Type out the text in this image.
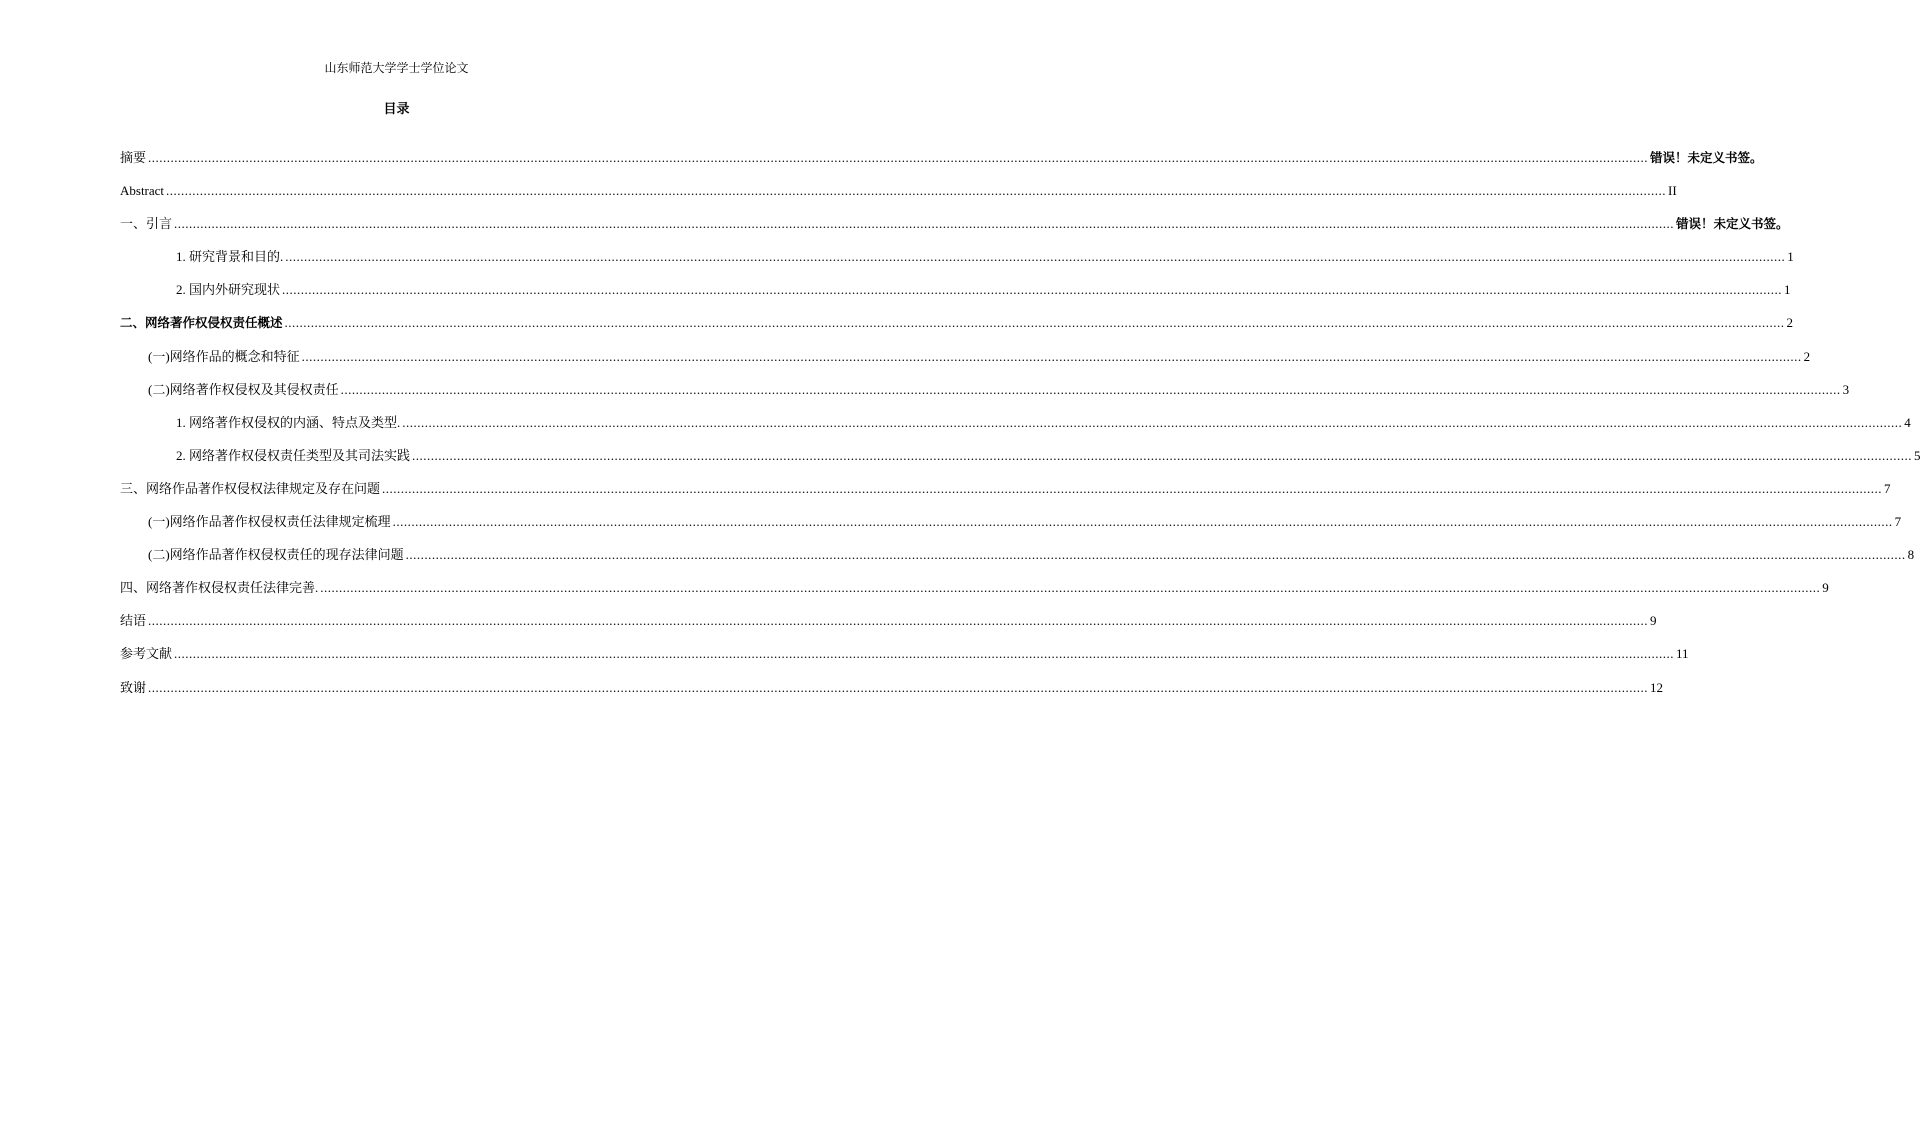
山东师范大学学士学位论文
目录
摘要 ................................................................................................................................................................................................................................................................................................................................................................................................................ 错误！未定义书签。
Abstract ................................................................................................................................................................................................................................................................................................................................................................................................................ II
一、引言 ................................................................................................................................................................................................................................................................................................................................................................................................................ 错误！未定义书签。
1. 研究背景和目的. ................................................................................................................................................................................................................................................................................................................................................................................................................ 1
2. 国内外研究现状 ................................................................................................................................................................................................................................................................................................................................................................................................................ 1
二、网络著作权侵权责任概述 ................................................................................................................................................................................................................................................................................................................................................................................................................ 2
(一)网络作品的概念和特征 ................................................................................................................................................................................................................................................................................................................................................................................................................ 2
(二)网络著作权侵权及其侵权责任 ................................................................................................................................................................................................................................................................................................................................................................................................................ 3
1. 网络著作权侵权的内涵、特点及类型. ................................................................................................................................................................................................................................................................................................................................................................................................................ 4
2. 网络著作权侵权责任类型及其司法实践 ................................................................................................................................................................................................................................................................................................................................................................................................................ 5
三、网络作品著作权侵权法律规定及存在问题 ................................................................................................................................................................................................................................................................................................................................................................................................................ 7
(一)网络作品著作权侵权责任法律规定梳理 ................................................................................................................................................................................................................................................................................................................................................................................................................ 7
(二)网络作品著作权侵权责任的现存法律问题 ................................................................................................................................................................................................................................................................................................................................................................................................................ 8
四、网络著作权侵权责任法律完善. ................................................................................................................................................................................................................................................................................................................................................................................................................ 9
结语 ................................................................................................................................................................................................................................................................................................................................................................................................................ 9
参考文献 ................................................................................................................................................................................................................................................................................................................................................................................................................ 11
致谢 ................................................................................................................................................................................................................................................................................................................................................................................................................ 12
